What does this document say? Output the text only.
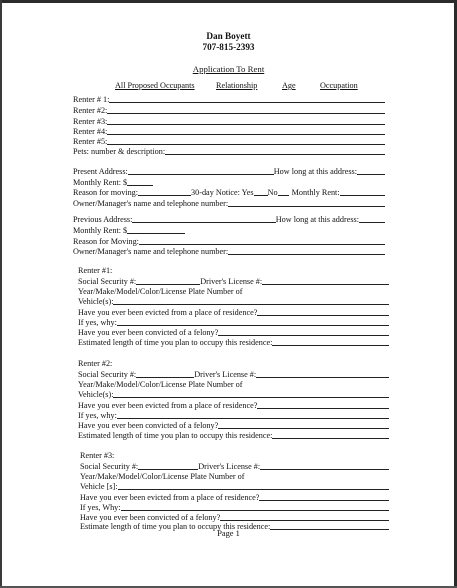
Dan Boyett
707-815-2393
Application To Rent
All Proposed Occupants	Relationship	Age	Occupation
Renter # 1:
Renter #2:
Renter #3:
Renter #4:
Renter #5:
Pets: number & description:
Present Address:	How long at this address:
Monthly Rent: $
Reason for moving:	30-day Notice: Yes No Monthly Rent:
Owner/Manager's name and telephone number:
Previous Address:	How long at this address:
Monthly Rent: $
Reason for Moving:
Owner/Manager's name and telephone number:
Renter #1:
Social Security #:	Driver's License #:
Year/Make/Model/Color/License Plate Number of
Vehicle(s):
Have you ever been evicted from a place of residence?
If yes, why:
Have you ever been convicted of a felony?
Estimated length of time you plan to occupy this residence:
Renter #2:
Social Security #:	Driver's License #:
Year/Make/Model/Color/License Plate Number of
Vehicle(s):
Have you ever been evicted from a place of residence?
If yes, why:
Have you ever been convicted of a felony?
Estimated length of time you plan to occupy this residence:
Renter #3:
Social Security #:	Driver's License #:
Year/Make/Model/Color/License Plate Number of
Vehicle [s]:
Have you ever been evicted from a place of residence?
If yes, Why:
Have you ever been convicted of a felony?
Estimate length of time you plan to occupy this residence:
Page 1
